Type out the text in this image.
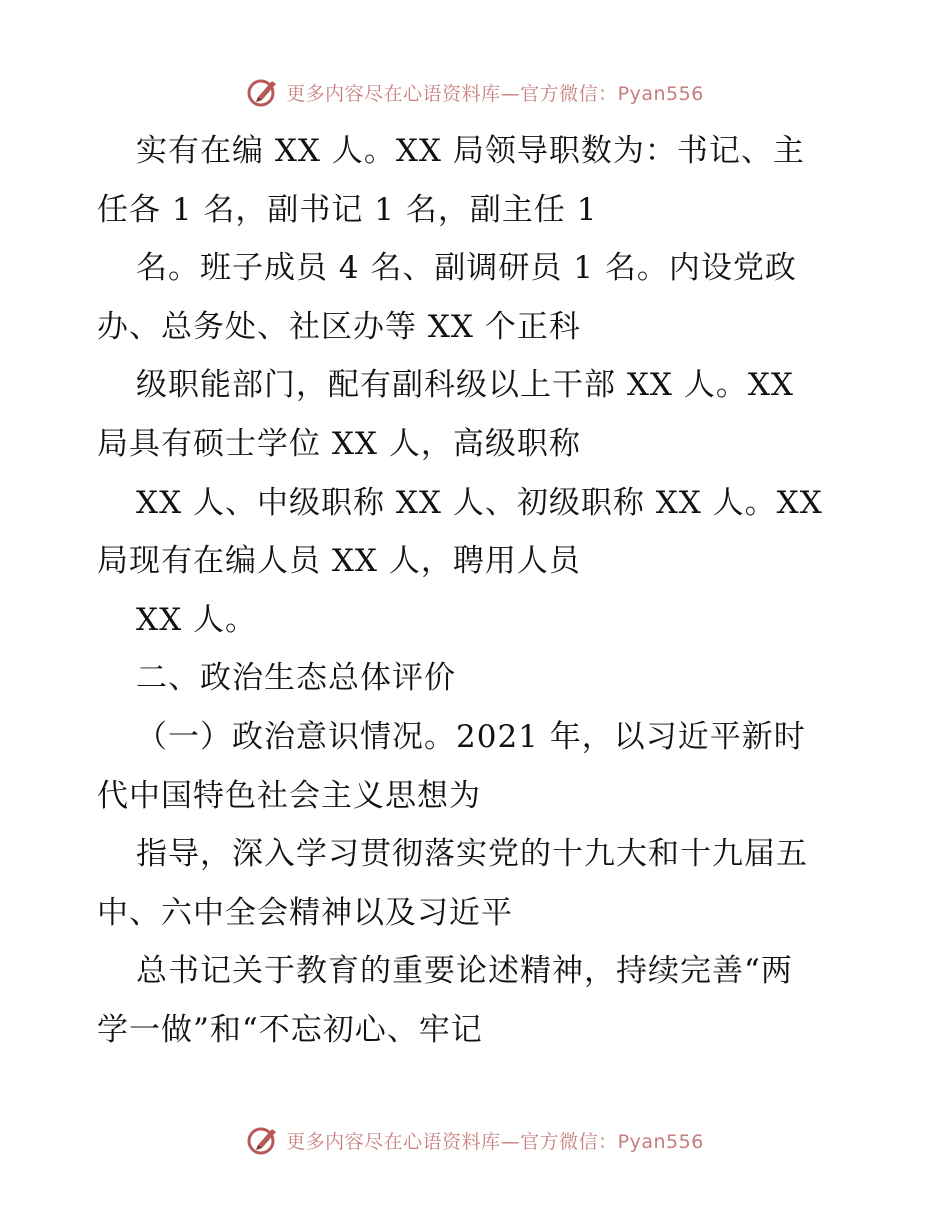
更多内容尽在心语资料库—官方微信：Pyan556
实有在编 XX 人。XX 局领导职数为：书记、主
任各 1 名，副书记 1 名，副主任 1
名。班子成员 4 名、副调研员 1 名。内设党政
办、总务处、社区办等 XX 个正科
级职能部门，配有副科级以上干部 XX 人。XX
局具有硕士学位 XX 人，高级职称
XX 人、中级职称 XX 人、初级职称 XX 人。XX
局现有在编人员 XX 人，聘用人员
XX 人。
二、政治生态总体评价
（一）政治意识情况。2021 年，以习近平新时
代中国特色社会主义思想为
指导，深入学习贯彻落实党的十九大和十九届五
中、六中全会精神以及习近平
总书记关于教育的重要论述精神，持续完善“两
学一做”和“不忘初心、牢记
更多内容尽在心语资料库—官方微信：Pyan556
